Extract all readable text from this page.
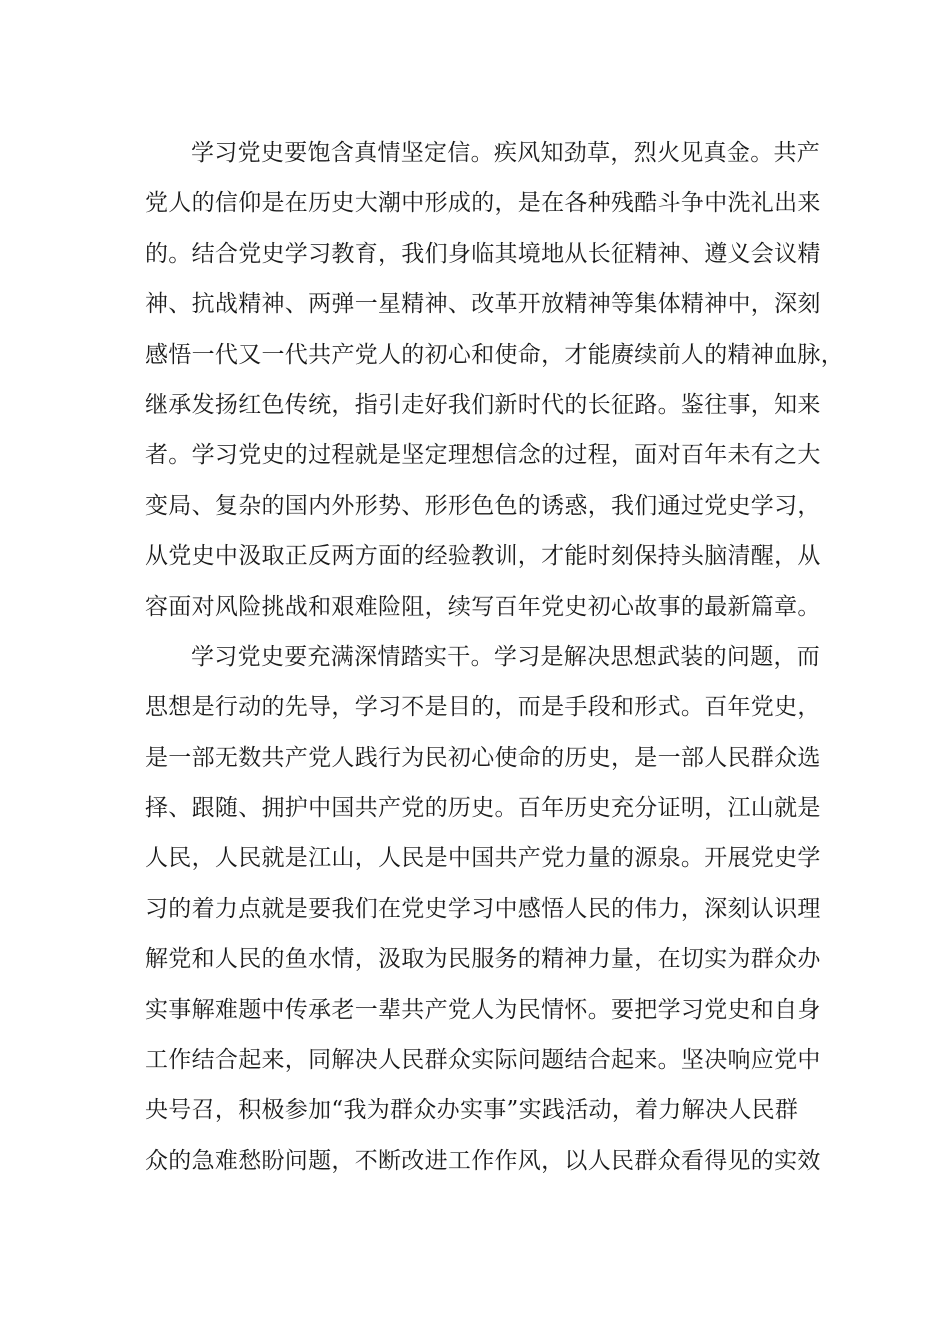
学习党史要饱含真情坚定信。疾风知劲草，烈火见真金。共产
党人的信仰是在历史大潮中形成的，是在各种残酷斗争中洗礼出来
的。结合党史学习教育，我们身临其境地从长征精神、遵义会议精
神、抗战精神、两弹一星精神、改革开放精神等集体精神中，深刻
感悟一代又一代共产党人的初心和使命，才能赓续前人的精神血脉，
继承发扬红色传统，指引走好我们新时代的长征路。鉴往事，知来
者。学习党史的过程就是坚定理想信念的过程，面对百年未有之大
变局、复杂的国内外形势、形形色色的诱惑，我们通过党史学习，
从党史中汲取正反两方面的经验教训，才能时刻保持头脑清醒，从
容面对风险挑战和艰难险阻，续写百年党史初心故事的最新篇章。
学习党史要充满深情踏实干。学习是解决思想武装的问题，而
思想是行动的先导，学习不是目的，而是手段和形式。百年党史，
是一部无数共产党人践行为民初心使命的历史，是一部人民群众选
择、跟随、拥护中国共产党的历史。百年历史充分证明，江山就是
人民，人民就是江山，人民是中国共产党力量的源泉。开展党史学
习的着力点就是要我们在党史学习中感悟人民的伟力，深刻认识理
解党和人民的鱼水情，汲取为民服务的精神力量，在切实为群众办
实事解难题中传承老一辈共产党人为民情怀。要把学习党史和自身
工作结合起来，同解决人民群众实际问题结合起来。坚决响应党中
央号召，积极参加“我为群众办实事”实践活动，着力解决人民群
众的急难愁盼问题，不断改进工作作风，以人民群众看得见的实效
